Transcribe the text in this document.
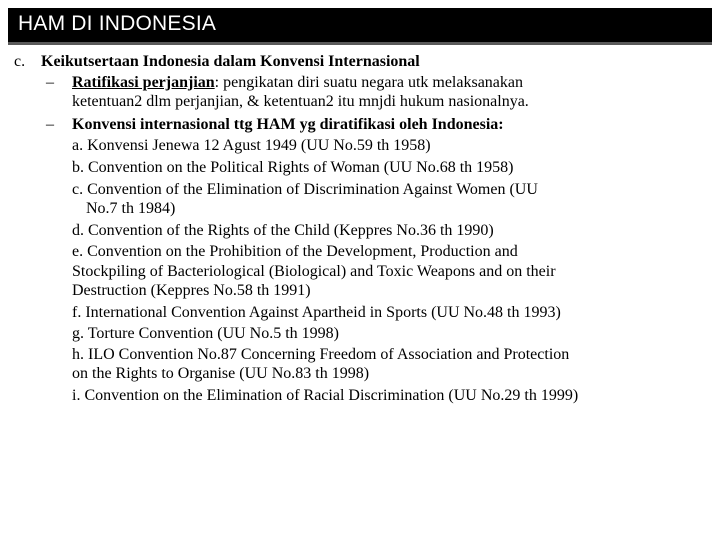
HAM DI INDONESIA
c. Keikutsertaan Indonesia dalam Konvensi Internasional
– Ratifikasi perjanjian: pengikatan diri suatu negara utk melaksanakan
ketentuan2 dlm perjanjian, & ketentuan2 itu mnjdi hukum nasionalnya.
– Konvensi internasional ttg HAM yg diratifikasi oleh Indonesia:
a. Konvensi Jenewa 12 Agust 1949 (UU No.59 th 1958)
b. Convention on the Political Rights of Woman (UU No.68 th 1958)
c. Convention of the Elimination of Discrimination Against Women (UU
No.7 th 1984)
d. Convention of the Rights of the Child (Keppres No.36 th 1990)
e. Convention on the Prohibition of the Development, Production and
Stockpiling of Bacteriological (Biological) and Toxic Weapons and on their
Destruction (Keppres No.58 th 1991)
f. International Convention Against Apartheid in Sports (UU No.48 th 1993)
g. Torture Convention (UU No.5 th 1998)
h. ILO Convention No.87 Concerning Freedom of Association and Protection
on the Rights to Organise (UU No.83 th 1998)
i. Convention on the Elimination of Racial Discrimination (UU No.29 th 1999)
